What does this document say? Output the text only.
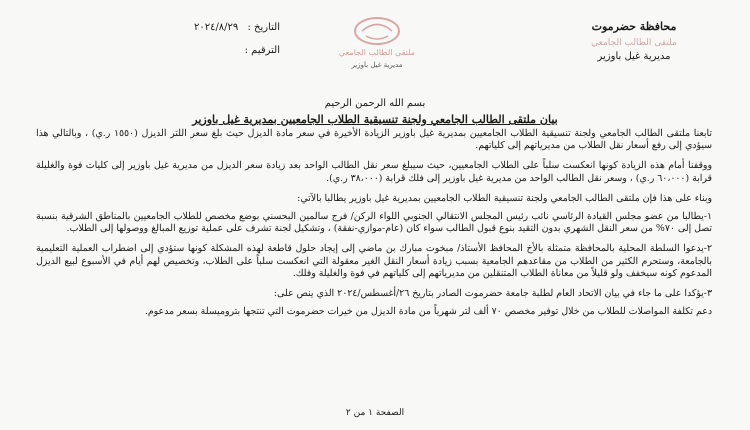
محافظة حضرموت
ملتقى الطالب الجامعي
مديرية غيل باوزير
ملتقى الطالب الجامعي
مديرية غيل باوزير
التاريخ : ٢٠٢٤/٨/٢٩
الترقيم :
بسم الله الرحمن الرحيم
بيان ملتقى الطالب الجامعي ولجنة تنسيقية الطلاب الجامعيين بمديرية غيل باوزير

تابعنا ملتقى الطالب الجامعي ولجنة تنسيقية الطلاب الجامعيين بمديرية غيل باوزير الزيادة الأخيرة في سعر مادة الديزل حيث بلغ سعر اللتر الديزل (١٥٥٠ ر.ي) ، وبالتالي هذا سيؤدي إلى رفع أسعار نقل الطلاب من مديرياتهم إلى كلياتهم.

ووقفنا أمام هذه الزيادة كونها انعكست سلباً على الطلاب الجامعيين، حيث سيبلغ سعر نقل الطالب الواحد بعد زيادة سعر الديزل من مديرية غيل باوزير إلى كليات فوة والغليلة قرابة (٦٠،٠٠٠ ر.ي) ، وسعر نقل الطالب الواحد من مديرية غيل باوزير إلى فلك قرابة (٣٨،٠٠٠ ر.ي).

وبناء على هذا فإن ملتقى الطالب الجامعي ولجنة تنسيقية الطلاب الجامعيين بمديرية غيل باوزير يطالبا بالآتي:

١-يطالبا من عضو مجلس القيادة الرئاسي نائب رئيس المجلس الانتقالي الجنوبي اللواء الركن/ فرج سالمين البحسني بوضع مخصص للطلاب الجامعيين بالمناطق الشرقية بنسبة تصل إلى ٧٠% من سعر النقل الشهري بدون التقيد بنوع قبول الطالب سواء كان (عام-موازي-نفقة) ، وتشكيل لجنة تشرف على عملية توزيع المبالغ ووصولها إلى الطلاب.

٢-يدعوا السلطة المحلية بالمحافظة متمثلة بالأخ المحافظ الأستاذ/ مبخوت مبارك بن ماضي إلى إيجاد حلول قاطعة لهذه المشكلة كونها ستؤدي إلى اضطراب العملية التعليمية بالجامعة، وستحرم الكثير من الطلاب من مقاعدهم الجامعية بسبب زيادة أسعار النقل الغير معقولة التي انعكست سلباً على الطلاب، وتخصيص لهم أيام في الأسبوع لبيع الديزل المدعوم كونه سيخفف ولو قليلاً من معاناة الطلاب المتنقلين من مديرياتهم إلى كلياتهم في فوة والغليلة وفلك.

٣-يؤكدا على ما جاء في بيان الاتحاد العام لطلبة جامعة حضرموت الصادر بتاريخ ٢٦/أغسطس/٢٠٢٤ الذي ينص على:

دعم تكلفة المواصلات للطلاب من خلال توفير مخصص ٧٠ ألف لتر شهرياً من مادة الديزل من خيرات حضرموت التي تنتجها بتروميسلة بسعر مدعوم.

الصفحة ١ من ٢
